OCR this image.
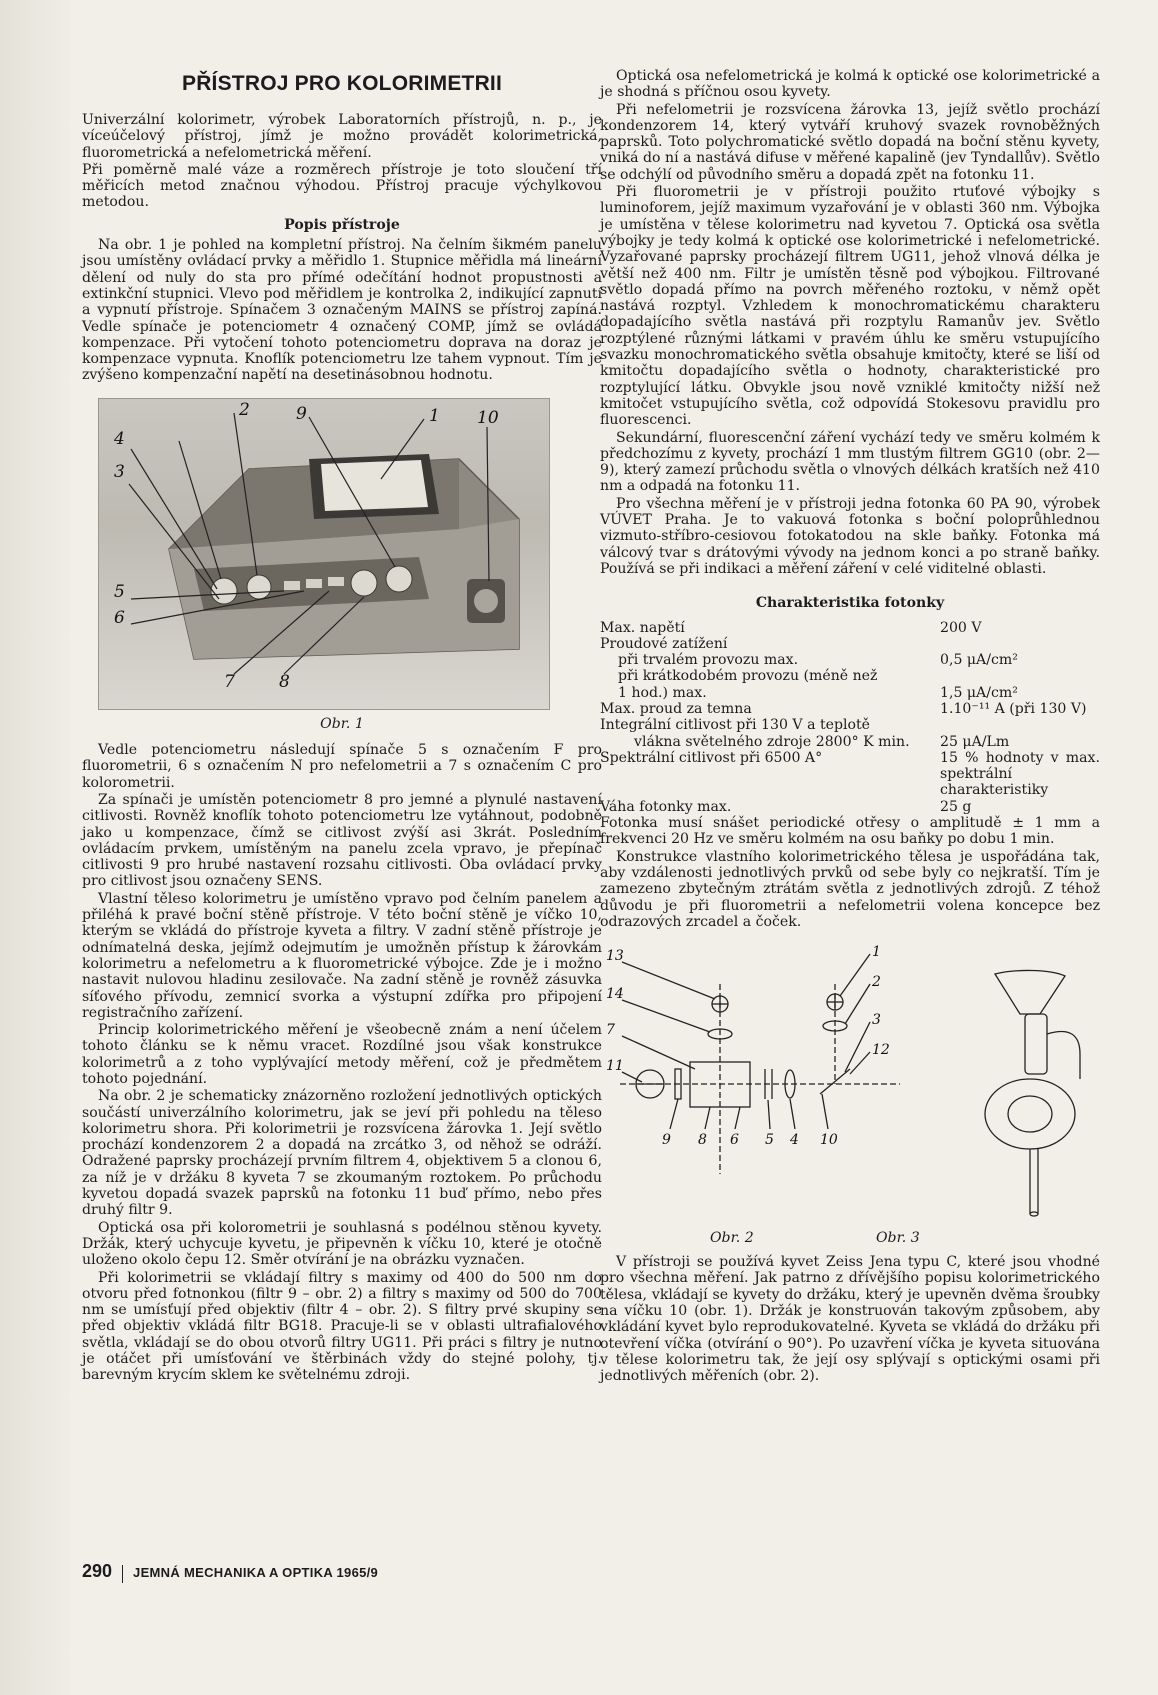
PŘÍSTROJ PRO KOLORIMETRII

Univerzální kolorimetr, výrobek Laboratorních přístrojů, n. p., je víceúčelový přístroj, jímž je možno provádět kolorimetrická, fluorometrická a nefelometrická měření.

Při poměrně malé váze a rozměrech přístroje je toto sloučení tří měřicích metod značnou výhodou. Přístroj pracuje výchylkovou metodou.

Popis přístroje

Na obr. 1 je pohled na kompletní přístroj. Na čelním šikmém panelu jsou umístěny ovládací prvky a měřidlo 1. Stupnice měřidla má lineární dělení od nuly do sta pro přímé odečítání hodnot propustnosti a extinkční stupnici. Vlevo pod měřidlem je kontrolka 2, indikující zapnutí a vypnutí přístroje. Spínačem 3 označeným MAINS se přístroj zapíná. Vedle spínače je potenciometr 4 označený COMP, jímž se ovládá kompenzace. Při vytočení tohoto potenciometru doprava na doraz je kompenzace vypnuta. Knoflík potenciometru lze tahem vypnout. Tím je zvýšeno kompenzační napětí na desetinásobnou hodnotu.

2	9	1 10
4
3
5
6
7	8
Obr. 1

Vedle potenciometru následují spínače 5 s označením F pro fluorometrii, 6 s označením N pro nefelometrii a 7 s označením C pro kolorometrii.

Za spínači je umístěn potenciometr 8 pro jemné a plynulé nastavení citlivosti. Rovněž knoflík tohoto potenciometru lze vytáhnout, podobně jako u kompenzace, čímž se citlivost zvýší asi 3krát. Posledním ovládacím prvkem, umístěným na panelu zcela vpravo, je přepínač citlivosti 9 pro hrubé nastavení rozsahu citlivosti. Oba ovládací prvky pro citlivost jsou označeny SENS.

Vlastní těleso kolorimetru je umístěno vpravo pod čelním panelem a přiléhá k pravé boční stěně přístroje. V této boční stěně je víčko 10, kterým se vkládá do přístroje kyveta a filtry. V zadní stěně přístroje je odnímatelná deska, jejímž odejmutím je umožněn přístup k žárovkám kolorimetru a nefelometru a k fluorometrické výbojce. Zde je i možno nastavit nulovou hladinu zesilovače. Na zadní stěně je rovněž zásuvka síťového přívodu, zemnicí svorka a výstupní zdířka pro připojení registračního zařízení.

Princip kolorimetrického měření je všeobecně znám a není účelem tohoto článku se k němu vracet. Rozdílné jsou však konstrukce kolorimetrů a z toho vyplývající metody měření, což je předmětem tohoto pojednání.

Na obr. 2 je schematicky znázorněno rozložení jednotlivých optických součástí univerzálního kolorimetru, jak se jeví při pohledu na těleso kolorimetru shora. Při kolorimetrii je rozsvícena žárovka 1. Její světlo prochází kondenzorem 2 a dopadá na zrcátko 3, od něhož se odráží. Odražené paprsky procházejí prvním filtrem 4, objektivem 5 a clonou 6, za níž je v držáku 8 kyveta 7 se zkoumaným roztokem. Po průchodu kyvetou dopadá svazek paprsků na fotonku 11 buď přímo, nebo přes druhý filtr 9.

Optická osa při kolorometrii je souhlasná s podélnou stěnou kyvety. Držák, který uchycuje kyvetu, je připevněn k víčku 10, které je otočně uloženo okolo čepu 12. Směr otvírání je na obrázku vyznačen.

Při kolorimetrii se vkládají filtry s maximy od 400 do 500 nm do otvoru před fotnonkou (filtr 9 – obr. 2) a filtry s maximy od 500 do 700 nm se umísťují před objektiv (filtr 4 – obr. 2). S filtry prvé skupiny se před objektiv vkládá filtr BG18. Pracuje-li se v oblasti ultrafialového světla, vkládají se do obou otvorů filtry UG11. Při práci s filtry je nutno je otáčet při umísťování ve štěrbinách vždy do stejné polohy, tj. barevným krycím sklem ke světelnému zdroji.

Optická osa nefelometrická je kolmá k optické ose kolorimetrické a je shodná s příčnou osou kyvety.

Při nefelometrii je rozsvícena žárovka 13, jejíž světlo prochází kondenzorem 14, který vytváří kruhový svazek rovnoběžných paprsků. Toto polychromatické světlo dopadá na boční stěnu kyvety, vniká do ní a nastává difuse v měřené kapalině (jev Tyndallův). Světlo se odchýlí od původního směru a dopadá zpět na fotonku 11.

Při fluorometrii je v přístroji použito rtuťové výbojky s luminoforem, jejíž maximum vyzařování je v oblasti 360 nm. Výbojka je umístěna v tělese kolorimetru nad kyvetou 7. Optická osa světla výbojky je tedy kolmá k optické ose kolorimetrické i nefelometrické. Vyzařované paprsky procházejí filtrem UG11, jehož vlnová délka je větší než 400 nm. Filtr je umístěn těsně pod výbojkou. Filtrované světlo dopadá přímo na povrch měřeného roztoku, v němž opět nastává rozptyl. Vzhledem k monochromatickému charakteru dopadajícího světla nastává při rozptylu Ramanův jev. Světlo rozptýlené různými látkami v pravém úhlu ke směru vstupujícího svazku monochromatického světla obsahuje kmitočty, které se liší od kmitočtu dopadajícího světla o hodnoty, charakteristické pro rozptylující látku. Obvykle jsou nově vzniklé kmitočty nižší než kmitočet vstupujícího světla, což odpovídá Stokesovu pravidlu pro fluorescenci.

Sekundární, fluorescenční záření vychází tedy ve směru kolmém k předchozímu z kyvety, prochází 1 mm tlustým filtrem GG10 (obr. 2—9), který zamezí průchodu světla o vlnových délkách kratších než 410 nm a odpadá na fotonku 11.

Pro všechna měření je v přístroji jedna fotonka 60 PA 90, výrobek VÚVET Praha. Je to vakuová fotonka s boční poloprůhlednou vizmuto-stříbro-cesiovou fotokatodou na skle baňky. Fotonka má válcový tvar s drátovými vývody na jednom konci a po straně baňky. Používá se při indikaci a měření záření v celé viditelné oblasti.

Charakteristika fotonky
Max. napětí	200 V
Proudové zatížení	
při trvalém provozu max.	0,5 μA/cm²
při krátkodobém provozu (méně než	
1 hod.) max.	1,5 μA/cm²
Max. proud za temna	1.10⁻¹¹ A (při 130 V)
Integrální citlivost při 130 V a teplotě	
vlákna světelného zdroje 2800° K min.	25 μA/Lm
Spektrální citlivost při 6500 A°	15 % hodnoty v max. spektrální charakteristiky
Váha fotonky max.	25 g

Fotonka musí snášet periodické otřesy o amplitudě ± 1 mm a frekvenci 20 Hz ve směru kolmém na osu baňky po dobu 1 min.

Konstrukce vlastního kolorimetrického tělesa je uspořádána tak, aby vzdálenosti jednotlivých prvků od sebe byly co nejkratší. Tím je zamezeno zbytečným ztrátám světla z jednotlivých zdrojů. Z téhož důvodu je při fluorometrii a nefelometrii volena koncepce bez odrazových zrcadel a čoček.

13
14
7
11
1
2
3
12
9 8 6 5 4 10
Obr. 2	Obr. 3

V přístroji se používá kyvet Zeiss Jena typu C, které jsou vhodné pro všechna měření. Jak patrno z dřívějšího popisu kolorimetrického tělesa, vkládají se kyvety do držáku, který je upevněn dvěma šroubky na víčku 10 (obr. 1). Držák je konstruován takovým způsobem, aby vkládání kyvet bylo reprodukovatelné. Kyveta se vkládá do držáku při otevření víčka (otvírání o 90°). Po uzavření víčka je kyveta situována v tělese kolorimetru tak, že její osy splývají s optickými osami při jednotlivých měřeních (obr. 2).

290 JEMNÁ MECHANIKA A OPTIKA 1965/9
